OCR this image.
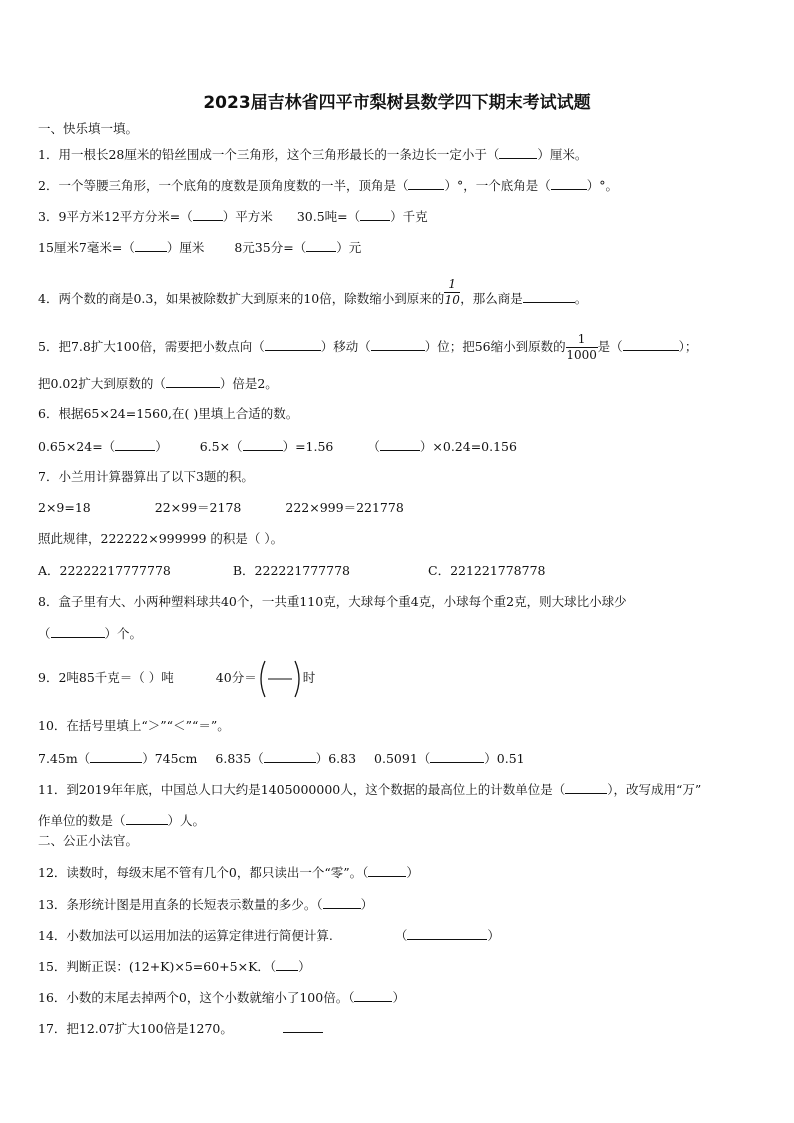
2023届吉林省四平市梨树县数学四下期末考试试题
一、快乐填一填。
1．用一根长28厘米的铅丝围成一个三角形，这个三角形最长的一条边长一定小于（	）厘米。
2．一个等腰三角形，一个底角的度数是顶角度数的一半，顶角是（	）°，一个底角是（	）°。
3．9平方米12平方分米=（ ）平方米 30.5吨=（ ）千克
15厘米7毫米=（	）厘米 8元35分=（ ）元
4．两个数的商是0.3，如果被除数扩大到原来的10倍，除数缩小到原来的 $\frac{1}{10}$ ，那么商是	。
5．把7.8扩大100倍，需要把小数点向（	）移动（	）位；把56缩小到原数的 $\frac{1}{1000}$ 是（	）；
把0.02扩大到原数的（	）倍是2。
6．根据65×24=1560,在( )里填上合适的数。
0.65×24=（	）	6.5×（	）=1.56	（	）×0.24=0.156
7．小兰用计算器算出了以下3题的积。
2×9=18	22×99＝2178	222×999＝221778
照此规律，222222×999999 的积是（ ）。
A．22222217777778	B．222221777778	C．221221778778
8．盒子里有大、小两种塑料球共40个，一共重110克，大球每个重4克，小球每个重2克，则大球比小球少
（	）个。
9．2吨85千克＝（ ）吨	40分＝	时
10．在括号里填上“＞”“＜”“＝”。
7.45m（	）745cm 6.835（	）6.83 0.5091（	）0.51
11．到2019年年底，中国总人口大约是1405000000人，这个数据的最高位上的计数单位是（	），改写成用“万”
作单位的数是（	）人。
二、公正小法官。
12．读数时，每级末尾不管有几个0，都只读出一个“零”。（	）
13．条形统计图是用直条的长短表示数量的多少。（	）
14．小数加法可以运用加法的运算定律进行简便计算.	（	）
15．判断正误：(12+K)×5=60+5×K．（ ）
16．小数的末尾去掉两个0，这个小数就缩小了100倍。（	）
17．把12.07扩大100倍是1270。
